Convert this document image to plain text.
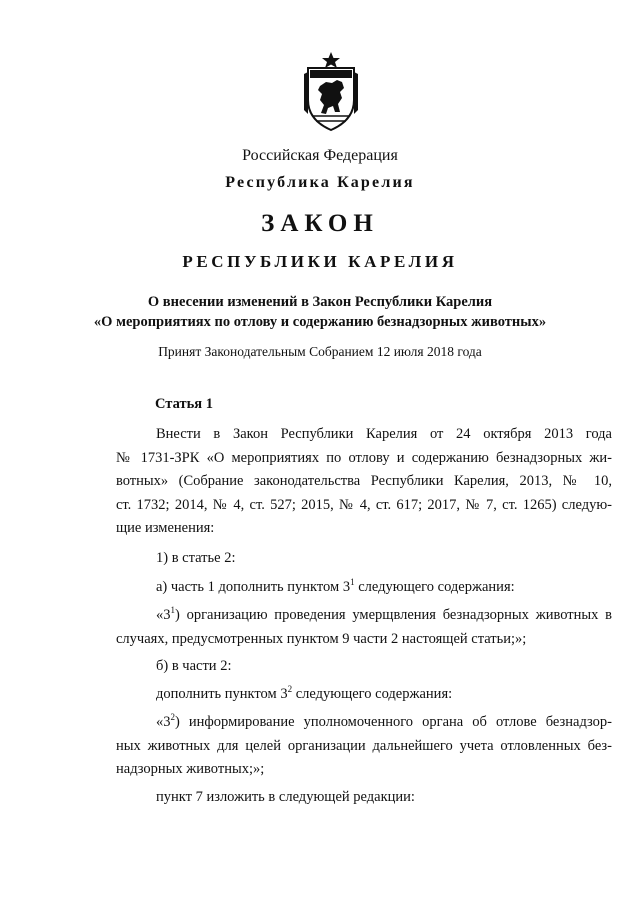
Российская Федерация
Республика Карелия
ЗАКОН
РЕСПУБЛИКИ КАРЕЛИЯ
О внесении изменений в Закон Республики Карелия
«О мероприятиях по отлову и содержанию безнадзорных животных»
Принят Законодательным Собранием 12 июля 2018 года
Статья 1
Внести в Закон Республики Карелия от 24 октября 2013 года
№ 1731-ЗРК «О мероприятиях по отлову и содержанию безнадзорных жи-
вотных» (Собрание законодательства Республики Карелия, 2013, № 10,
ст. 1732; 2014, № 4, ст. 527; 2015, № 4, ст. 617; 2017, № 7, ст. 1265) следую-
щие изменения:
1) в статье 2:
а) часть 1 дополнить пунктом $3^1$ следующего содержания:
«$3^1$) организацию проведения умерщвления безнадзорных животных в
случаях, предусмотренных пунктом 9 части 2 настоящей статьи;»;
б) в части 2:
дополнить пунктом $3^2$ следующего содержания:
«$3^2$) информирование уполномоченного органа об отлове безнадзор-
ных животных для целей организации дальнейшего учета отловленных без-
надзорных животных;»;
пункт 7 изложить в следующей редакции:
